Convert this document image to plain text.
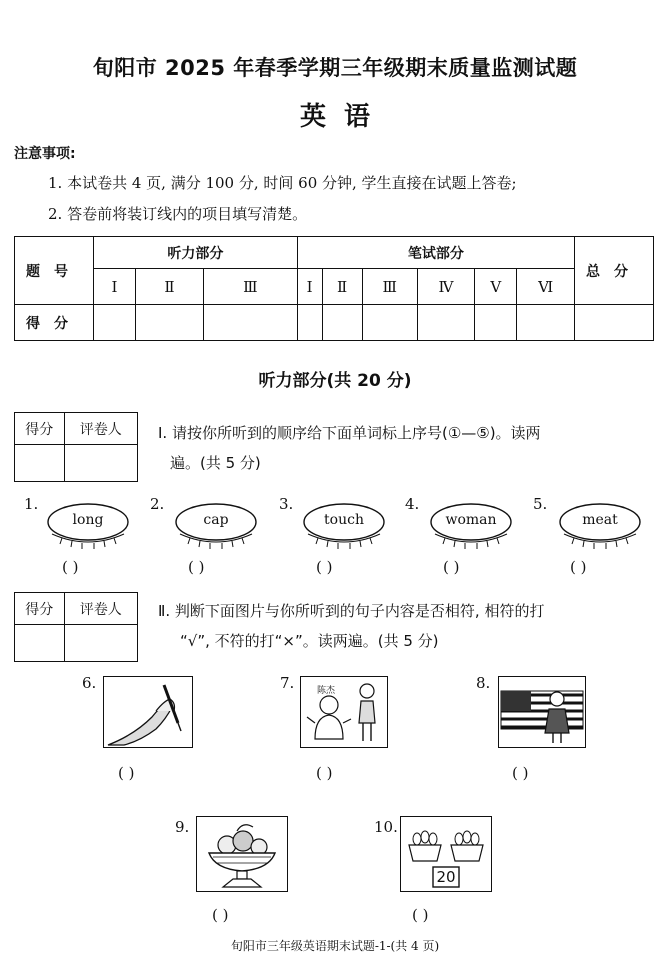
旬阳市 2025 年春季学期三年级期末质量监测试题
英语
注意事项:
1. 本试卷共 4 页, 满分 100 分, 时间 60 分钟, 学生直接在试题上答卷;
2. 答卷前将装订线内的项目填写清楚。
题号	听力部分			笔试部分						总分
	Ⅰ	Ⅱ	Ⅲ	Ⅰ	Ⅱ	Ⅲ	Ⅳ	Ⅴ	Ⅵ	
得分										
听力部分(共 20 分)
得分	评卷人
	Ⅰ. 请按你所听到的顺序给下面单词标上序号(①—⑤)。读两
遍。(共 5 分)
1.
long
2.
cap
3.
touch
4.
woman
5.
meat
( )	( )	( )	( )	( )
得分	评卷人
	Ⅱ. 判断下面图片与你所听到的句子内容是否相符, 相符的打
“√”, 不符的打“×”。读两遍。(共 5 分)
6.	7.	陈杰	8.
( )	( )	( )
9.	10.
20
( )	( )
旬阳市三年级英语期末试题-1-(共 4 页)
